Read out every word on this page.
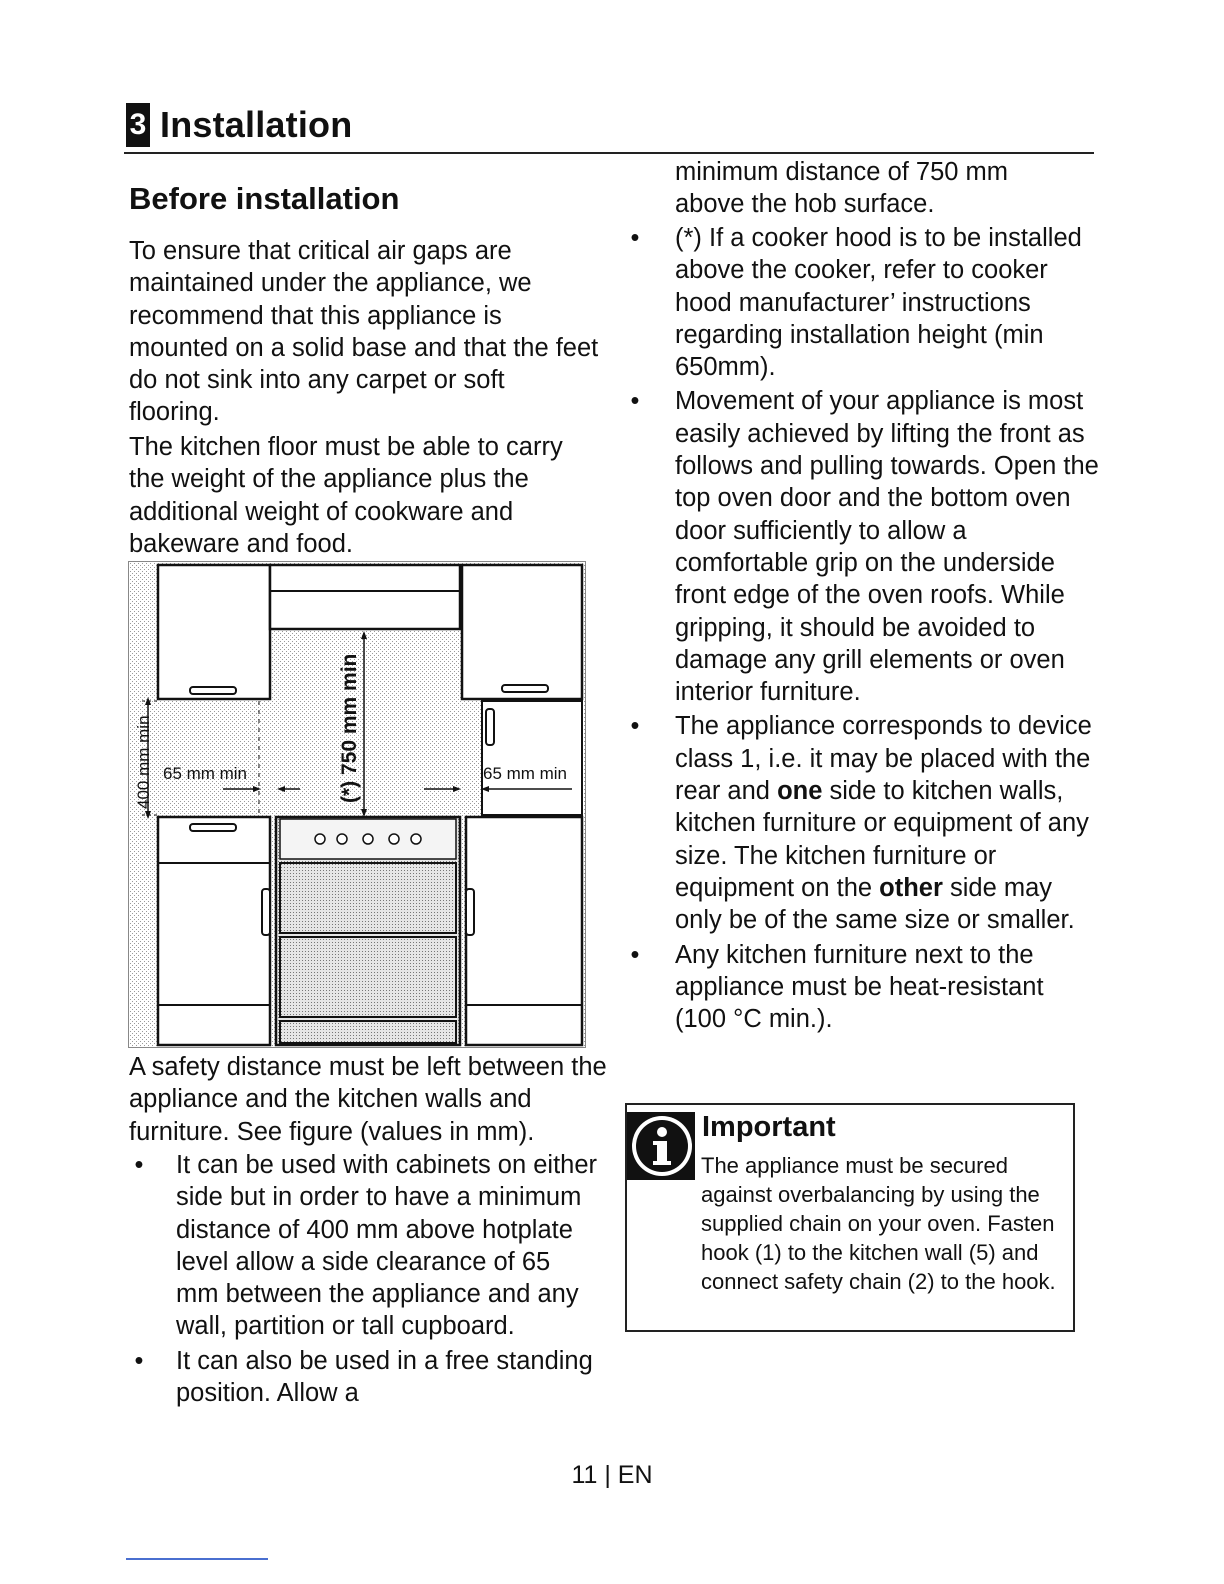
3 Installation
Before installation

To ensure that critical air gaps are maintained under the appliance, we recommend that this appliance is mounted on a solid base and that the feet do not sink into any carpet or soft flooring.

The kitchen floor must be able to carry the weight of the appliance plus the additional weight of cookware and bakeware and food.

400 mm min 65 mm min	(*) 750 mm min	65 mm min

A safety distance must be left between the appliance and the kitchen walls and furniture. See figure (values in mm).

• It can be used with cabinets on either side but in order to have a minimum distance of 400 mm above hotplate level allow a side clearance of 65 mm between the appliance and any wall, partition or tall cupboard.
• It can also be used in a free standing position. Allow a

minimum distance of 750 mm above the hob surface.

• (*) If a cooker hood is to be installed above the cooker, refer to cooker hood manufacturer’ instructions regarding installation height (min 650mm).
• Movement of your appliance is most easily achieved by lifting the front as follows and pulling towards. Open the top oven door and the bottom oven door sufficiently to allow a comfortable grip on the underside front edge of the oven roofs. While gripping, it should be avoided to damage any grill elements or oven interior furniture.
• The appliance corresponds to device class 1, i.e. it may be placed with the rear and one side to kitchen walls, kitchen furniture or equipment of any size. The kitchen furniture or equipment on the other side may only be of the same size or smaller.
• Any kitchen furniture next to the appliance must be heat-resistant (100 °C min.).
Important

The appliance must be secured against overbalancing by using the supplied chain on your oven. Fasten hook (1) to the kitchen wall (5) and connect safety chain (2) to the hook.

11 | EN
